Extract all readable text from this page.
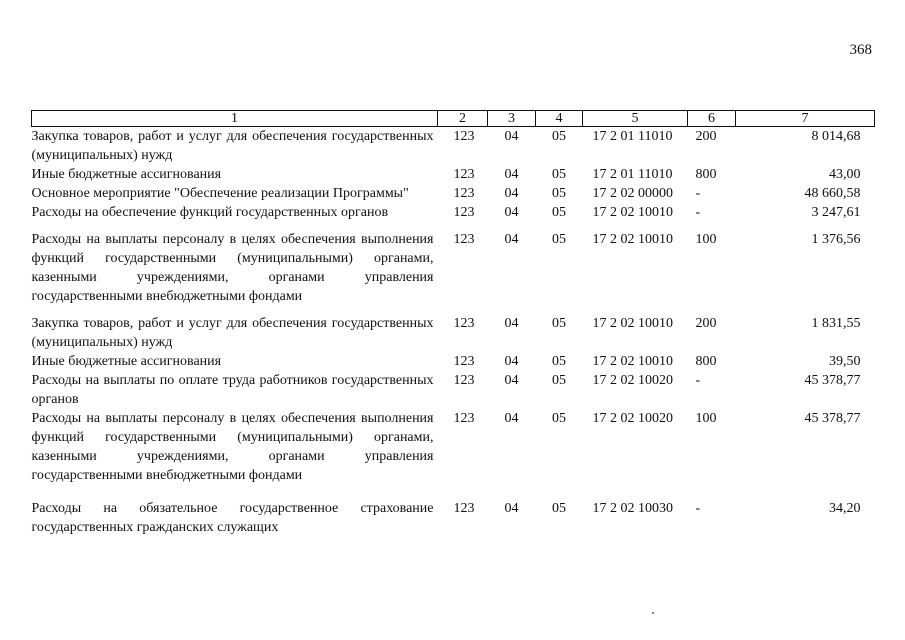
368
1	2	3	4	5	6	7
Закупка товаров, работ и услуг для обеспечения государственных (муниципальных) нужд	123	04	05	17 2 01 11010	200	8 014,68
Иные бюджетные ассигнования	123	04	05	17 2 01 11010	800	43,00
Основное мероприятие "Обеспечение реализации Программы"	123	04	05	17 2 02 00000	-	48 660,58
Расходы на обеспечение функций государственных органов	123	04	05	17 2 02 10010	-	3 247,61
Расходы на выплаты персоналу в целях обеспечения выполнения функций государственными (муниципальными) органами, казенными учреждениями, органами управления государственными внебюджетными фондами	123	04	05	17 2 02 10010	100	1 376,56
Закупка товаров, работ и услуг для обеспечения государственных (муниципальных) нужд	123	04	05	17 2 02 10010	200	1 831,55
Иные бюджетные ассигнования	123	04	05	17 2 02 10010	800	39,50
Расходы на выплаты по оплате труда работников государственных органов	123	04	05	17 2 02 10020	-	45 378,77
Расходы на выплаты персоналу в целях обеспечения выполнения функций государственными (муниципальными) органами, казенными учреждениями, органами управления государственными внебюджетными фондами	123	04	05	17 2 02 10020	100	45 378,77
Расходы на обязательное государственное страхование государственных гражданских служащих	123	04	05	17 2 02 10030	-	34,20
